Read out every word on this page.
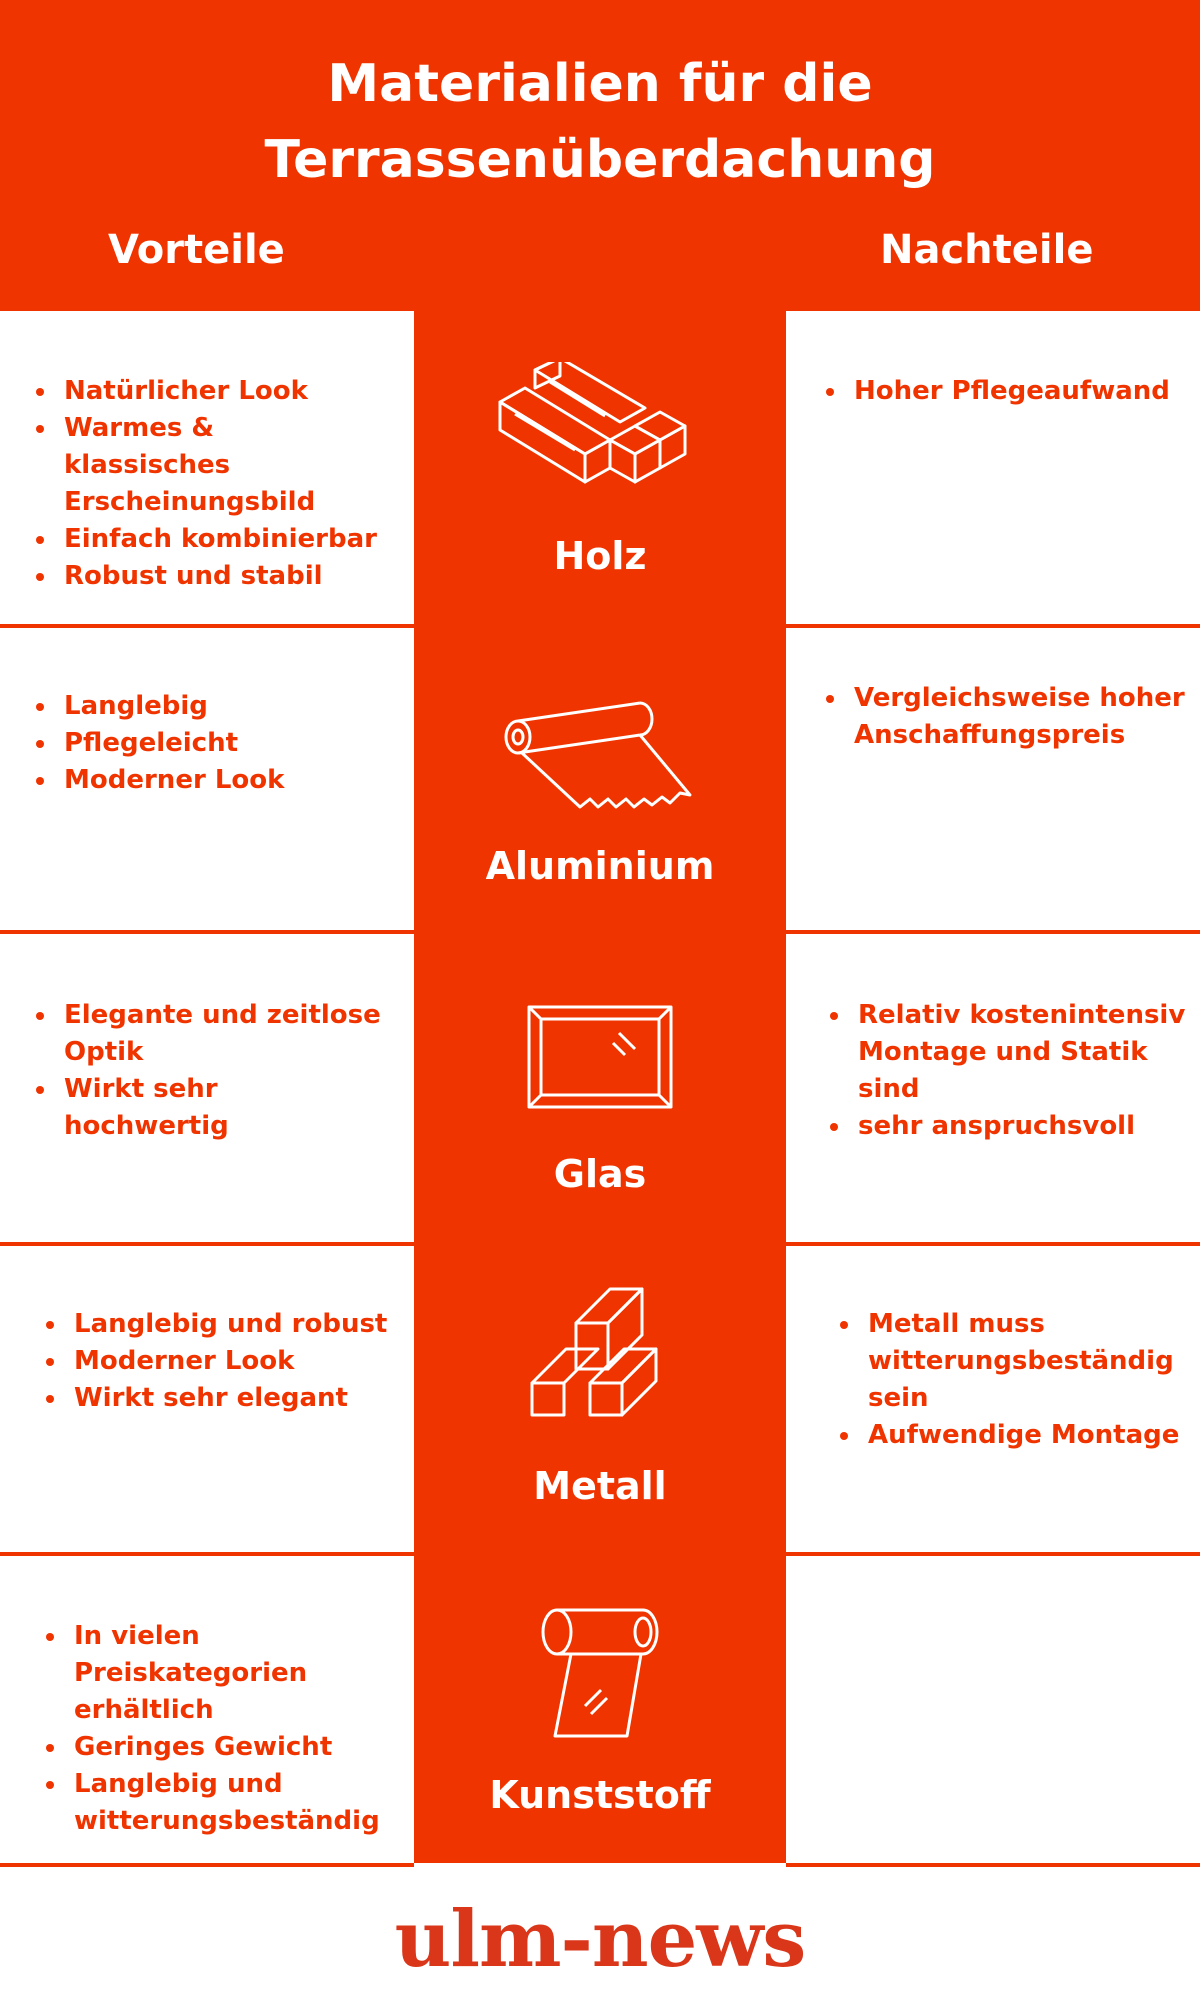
Materialien für die
Terrassenüberdachung
Vorteile	Nachteile
Natürlicher Look
Warmes & klassisches Erscheinungsbild
Einfach kombinierbar
Robust und stabil
Hoher Pflegeaufwand
Holz
Langlebig
Pflegeleicht
Moderner Look
Vergleichsweise hoher Anschaffungspreis
Aluminium
Elegante und zeitlose Optik
Wirkt sehr hochwertig
Relativ kostenintensiv Montage und Statik sind
sehr anspruchsvoll
Glas
Langlebig und robust
Moderner Look
Wirkt sehr elegant
Metall muss witterungsbeständig sein
Aufwendige Montage
Metall
In vielen Preiskategorien erhältlich
Geringes Gewicht
Langlebig und witterungsbeständig
Kunststoff
ulm-news
